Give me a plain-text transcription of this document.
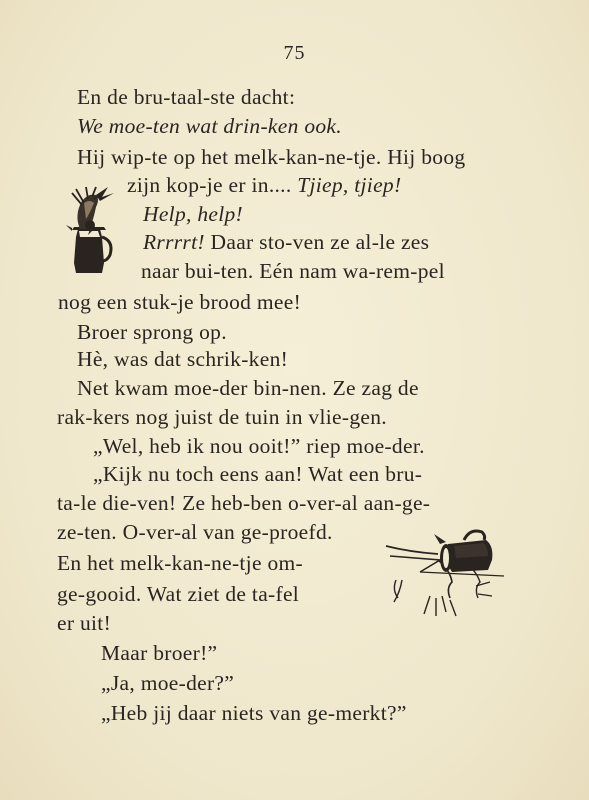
75
En de bru-taal-ste dacht:
We moe-ten wat drin-ken ook.
Hij wip-te op het melk-kan-ne-tje. Hij boog
zijn kop-je er in.... Tjiep, tjiep!
Help, help!
Rrrrrt! Daar sto-ven ze al-le zes
naar bui-ten. Eén nam wa-rem-pel
nog een stuk-je brood mee!
Broer sprong op.
Hè, was dat schrik-ken!
Net kwam moe-der bin-nen. Ze zag de
rak-kers nog juist de tuin in vlie-gen.
„Wel, heb ik nou ooit!” riep moe-der.
„Kijk nu toch eens aan! Wat een bru-
ta-le die-ven! Ze heb-ben o-ver-al aan-ge-
ze-ten. O-ver-al van ge-proefd.
En het melk-kan-ne-tje om-
ge-gooid. Wat ziet de ta-fel
er uit!
Maar broer!”
„Ja, moe-der?”
„Heb jij daar niets van ge-merkt?”
